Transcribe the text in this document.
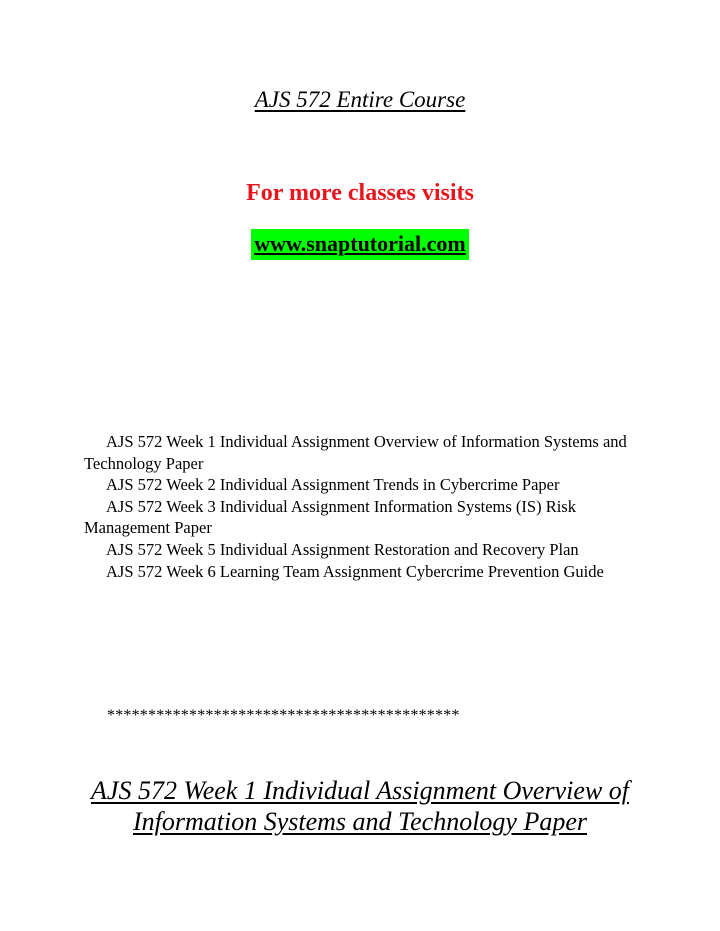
AJS 572 Entire Course
For more classes visits
www.snaptutorial.com
AJS 572 Week 1 Individual Assignment Overview of Information Systems and Technology Paper
AJS 572 Week 2 Individual Assignment Trends in Cybercrime Paper
AJS 572 Week 3 Individual Assignment Information Systems (IS) Risk Management Paper
AJS 572 Week 5 Individual Assignment Restoration and Recovery Plan
AJS 572 Week 6 Learning Team Assignment Cybercrime Prevention Guide
*******************************************
AJS 572 Week 1 Individual Assignment Overview of Information Systems and Technology Paper
